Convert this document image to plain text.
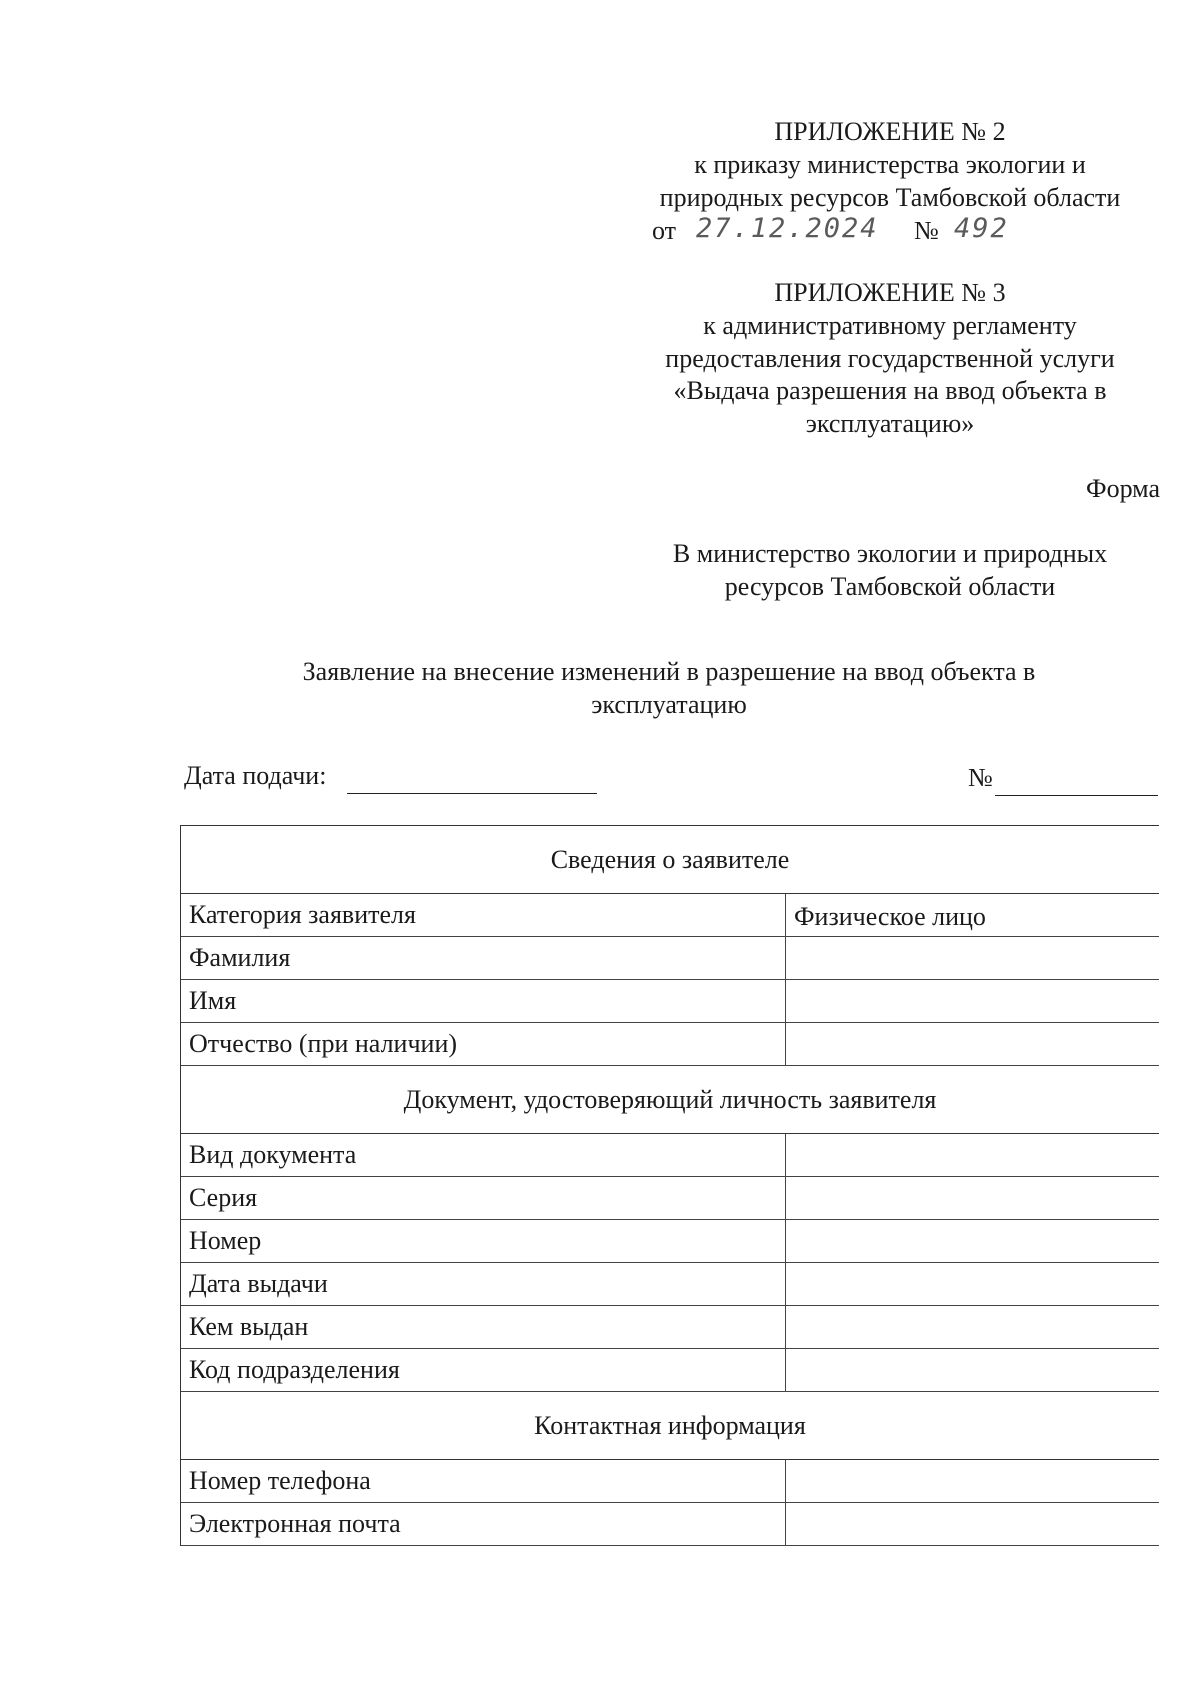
ПРИЛОЖЕНИЕ № 2
к приказу министерства экологии и
природных ресурсов Тамбовской области
от 27.12.2024 № 492
ПРИЛОЖЕНИЕ № 3
к административному регламенту
предоставления государственной услуги
«Выдача разрешения на ввод объекта в
эксплуатацию»
Форма
В министерство экологии и природных
ресурсов Тамбовской области
Заявление на внесение изменений в разрешение на ввод объекта в
эксплуатацию
Дата подачи:	№
Сведения о заявителе
Категория заявителя	Физическое лицо
Фамилия
Имя
Отчество (при наличии)
Документ, удостоверяющий личность заявителя
Вид документа
Серия
Номер
Дата выдачи
Кем выдан
Код подразделения
Контактная информация
Номер телефона
Электронная почта
